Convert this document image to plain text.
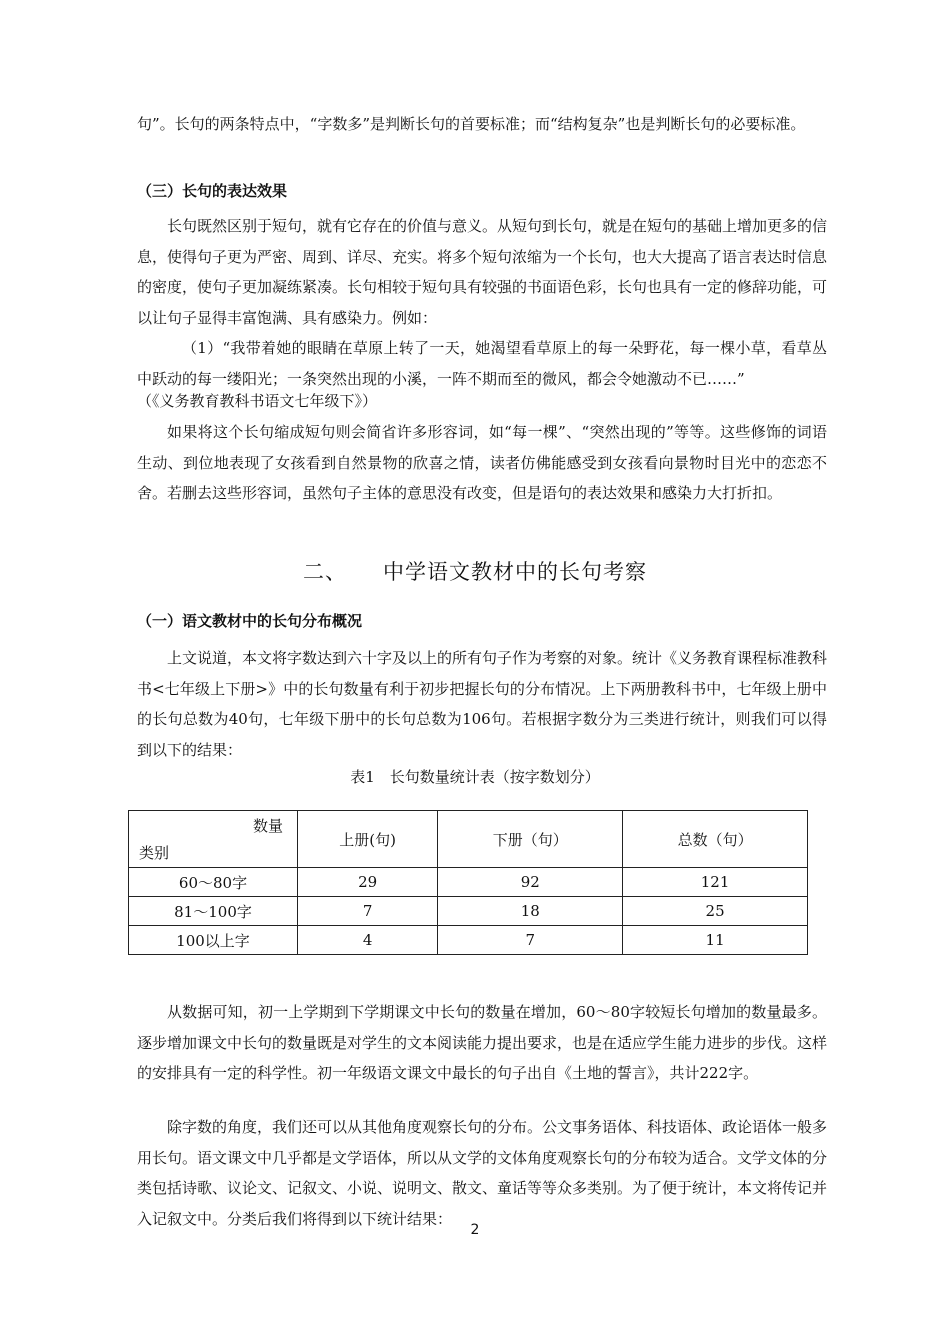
句”。长句的两条特点中，“字数多”是判断长句的首要标准；而“结构复杂”也是判断长句的必要标准。

（三）长句的表达效果

长句既然区别于短句，就有它存在的价值与意义。从短句到长句，就是在短句的基础上增加更多的信息，使得句子更为严密、周到、详尽、充实。将多个短句浓缩为一个长句，也大大提高了语言表达时信息的密度，使句子更加凝练紧凑。长句相较于短句具有较强的书面语色彩，长句也具有一定的修辞功能，可以让句子显得丰富饱满、具有感染力。例如：

（1）“我带着她的眼睛在草原上转了一天，她渴望看草原上的每一朵野花，每一棵小草，看草丛中跃动的每一缕阳光；一条突然出现的小溪，一阵不期而至的微风，都会令她激动不已……”

（《义务教育教科书语文七年级下》）

如果将这个长句缩成短句则会简省许多形容词，如“每一棵”、“突然出现的”等等。这些修饰的词语生动、到位地表现了女孩看到自然景物的欣喜之情，读者仿佛能感受到女孩看向景物时目光中的恋恋不舍。若删去这些形容词，虽然句子主体的意思没有改变，但是语句的表达效果和感染力大打折扣。

二、 中学语文教材中的长句考察

（一）语文教材中的长句分布概况

上文说道，本文将字数达到六十字及以上的所有句子作为考察的对象。统计《义务教育课程标准教科书<七年级上下册>》中的长句数量有利于初步把握长句的分布情况。上下两册教科书中，七年级上册中的长句总数为40句，七年级下册中的长句总数为106句。若根据字数分为三类进行统计，则我们可以得到以下的结果：

表1　长句数量统计表（按字数划分）

数量
类别	上册(句)	下册（句）	总数（句）
60～80字	29	92	121
81～100字	7	18	25
100以上字	4	7	11

从数据可知，初一上学期到下学期课文中长句的数量在增加，60～80字较短长句增加的数量最多。逐步增加课文中长句的数量既是对学生的文本阅读能力提出要求，也是在适应学生能力进步的步伐。这样的安排具有一定的科学性。初一年级语文课文中最长的句子出自《土地的誓言》，共计222字。

除字数的角度，我们还可以从其他角度观察长句的分布。公文事务语体、科技语体、政论语体一般多用长句。语文课文中几乎都是文学语体，所以从文学的文体角度观察长句的分布较为适合。文学文体的分类包括诗歌、议论文、记叙文、小说、说明文、散文、童话等等众多类别。为了便于统计，本文将传记并入记叙文中。分类后我们将得到以下统计结果：

2
